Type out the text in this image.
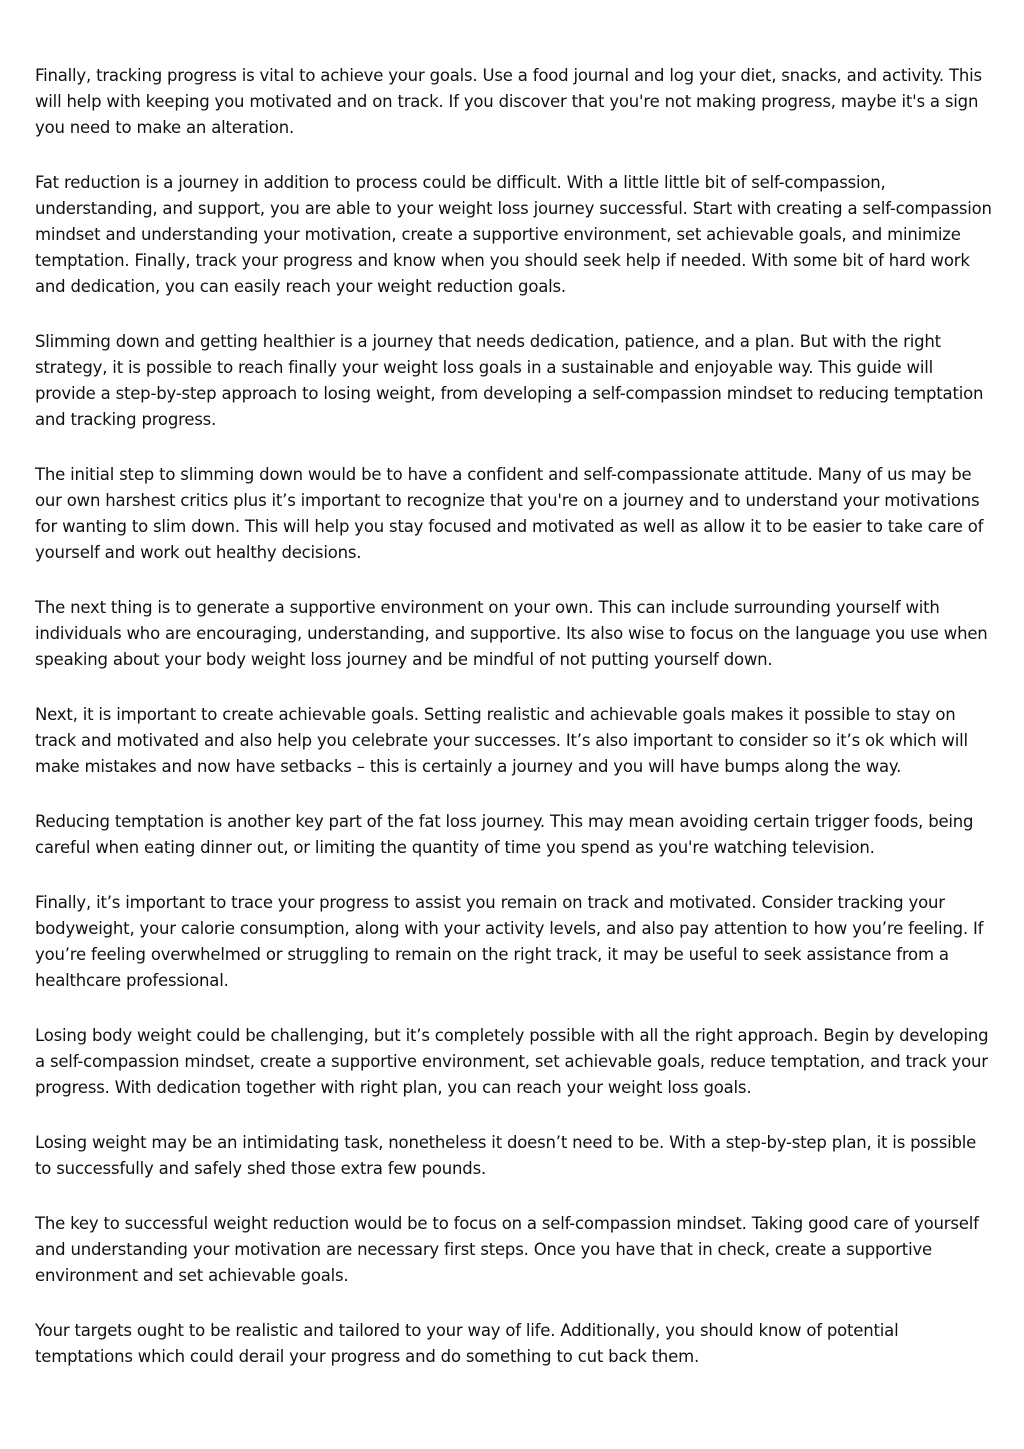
Finally, tracking progress is vital to achieve your goals. Use a food journal and log your diet, snacks, and activity. This will help with keeping you motivated and on track. If you discover that you're not making progress, maybe it's a sign you need to make an alteration.

Fat reduction is a journey in addition to process could be difficult. With a little little bit of self-compassion, understanding, and support, you are able to your weight loss journey successful. Start with creating a self-compassion mindset and understanding your motivation, create a supportive environment, set achievable goals, and minimize temptation. Finally, track your progress and know when you should seek help if needed. With some bit of hard work and dedication, you can easily reach your weight reduction goals.

Slimming down and getting healthier is a journey that needs dedication, patience, and a plan. But with the right strategy, it is possible to reach finally your weight loss goals in a sustainable and enjoyable way. This guide will provide a step-by-step approach to losing weight, from developing a self-compassion mindset to reducing temptation and tracking progress.

The initial step to slimming down would be to have a confident and self-compassionate attitude. Many of us may be our own harshest critics plus it’s important to recognize that you're on a journey and to understand your motivations for wanting to slim down. This will help you stay focused and motivated as well as allow it to be easier to take care of yourself and work out healthy decisions.

The next thing is to generate a supportive environment on your own. This can include surrounding yourself with individuals who are encouraging, understanding, and supportive. Its also wise to focus on the language you use when speaking about your body weight loss journey and be mindful of not putting yourself down.

Next, it is important to create achievable goals. Setting realistic and achievable goals makes it possible to stay on track and motivated and also help you celebrate your successes. It’s also important to consider so it’s ok which will make mistakes and now have setbacks – this is certainly a journey and you will have bumps along the way.

Reducing temptation is another key part of the fat loss journey. This may mean avoiding certain trigger foods, being careful when eating dinner out, or limiting the quantity of time you spend as you're watching television.

Finally, it’s important to trace your progress to assist you remain on track and motivated. Consider tracking your bodyweight, your calorie consumption, along with your activity levels, and also pay attention to how you’re feeling. If you’re feeling overwhelmed or struggling to remain on the right track, it may be useful to seek assistance from a healthcare professional.

Losing body weight could be challenging, but it’s completely possible with all the right approach. Begin by developing a self-compassion mindset, create a supportive environment, set achievable goals, reduce temptation, and track your progress. With dedication together with right plan, you can reach your weight loss goals.

Losing weight may be an intimidating task, nonetheless it doesn’t need to be. With a step-by-step plan, it is possible to successfully and safely shed those extra few pounds.

The key to successful weight reduction would be to focus on a self-compassion mindset. Taking good care of yourself and understanding your motivation are necessary first steps. Once you have that in check, create a supportive environment and set achievable goals.

Your targets ought to be realistic and tailored to your way of life. Additionally, you should know of potential temptations which could derail your progress and do something to cut back them.
